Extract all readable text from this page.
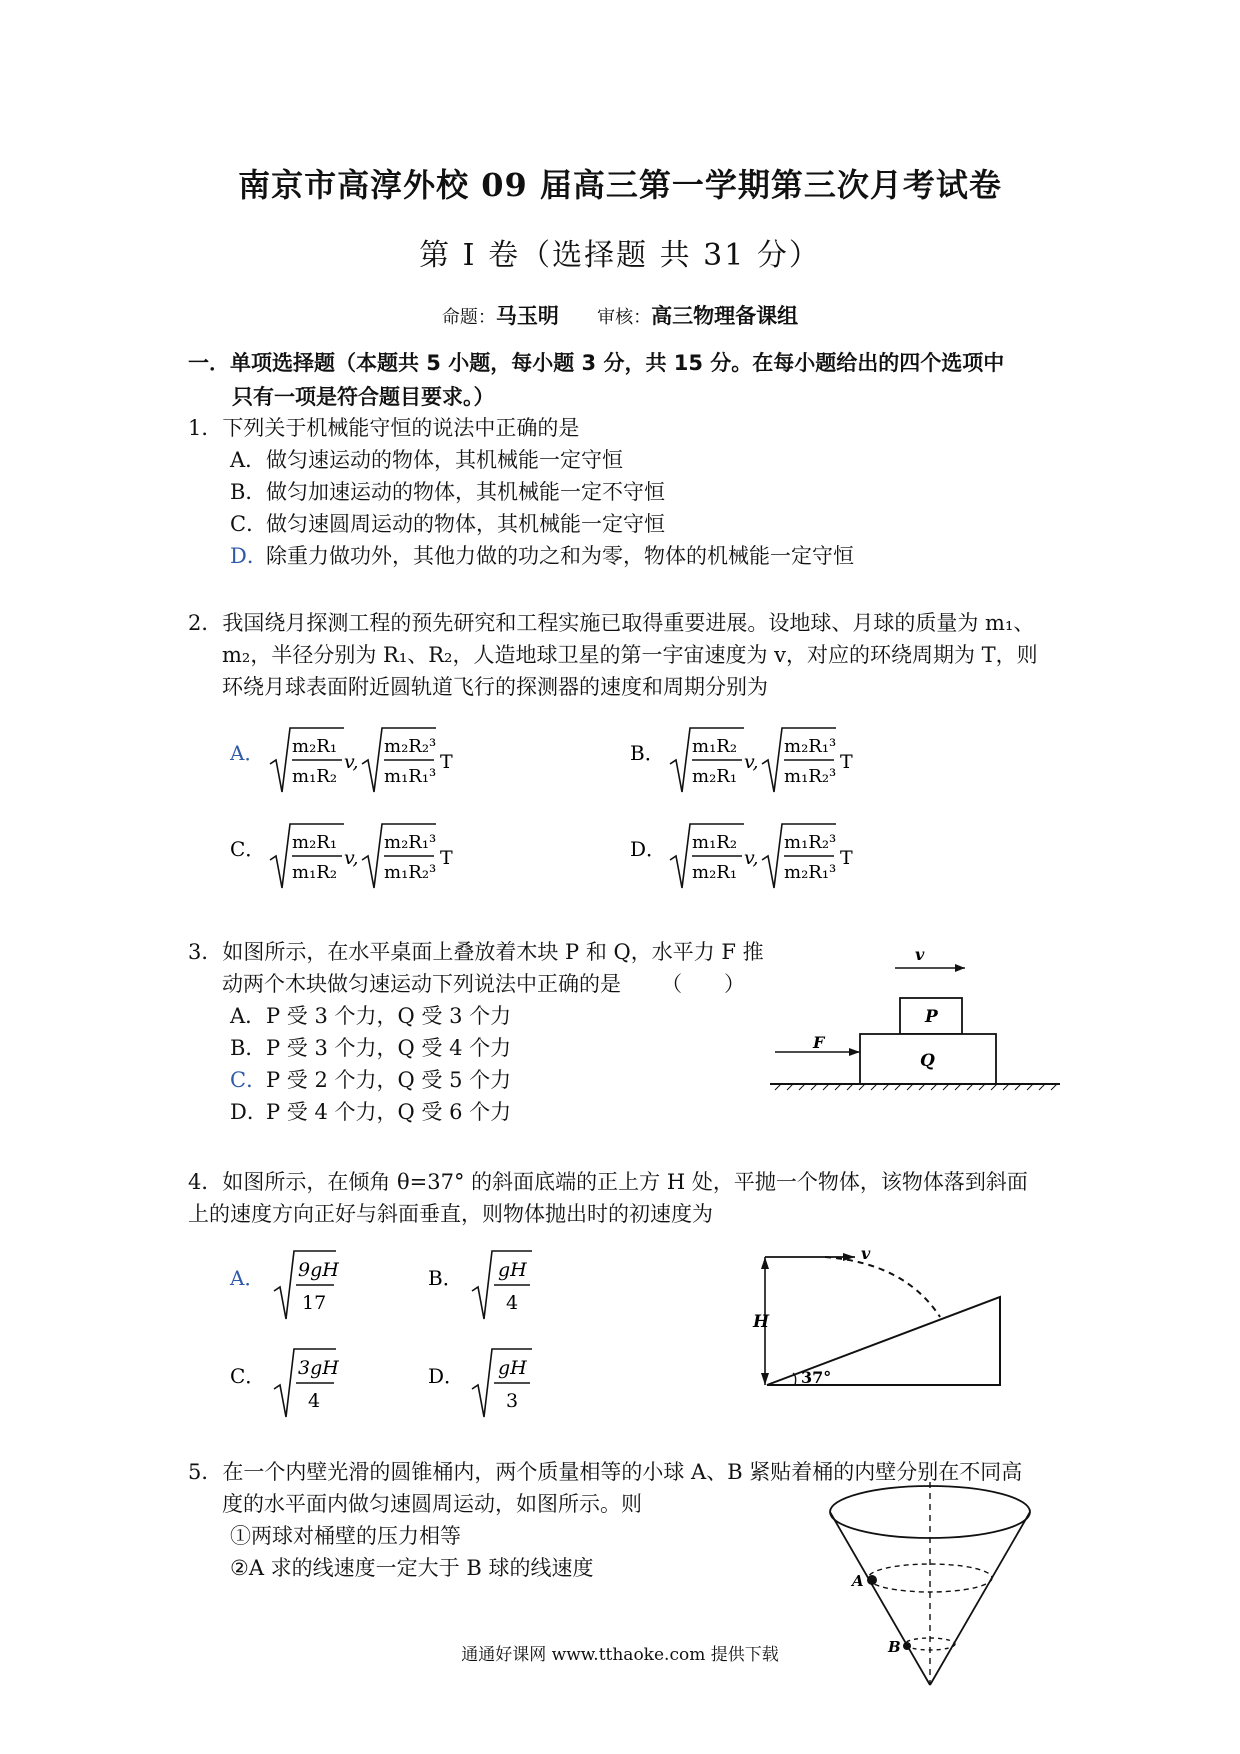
南京市高淳外校 09 届高三第一学期第三次月考试卷
第 I 卷（选择题 共 31 分）
命题：马玉明 审核：高三物理备课组
一．单项选择题（本题共 5 小题，每小题 3 分，共 15 分。在每小题给出的四个选项中
只有一项是符合题目要求。）
1．下列关于机械能守恒的说法中正确的是
A．做匀速运动的物体，其机械能一定守恒
B．做匀加速运动的物体，其机械能一定不守恒
C．做匀速圆周运动的物体，其机械能一定守恒
D．除重力做功外，其他力做的功之和为零，物体的机械能一定守恒
2．我国绕月探测工程的预先研究和工程实施已取得重要进展。设地球、月球的质量为 m₁、
m₂，半径分别为 R₁、R₂，人造地球卫星的第一宇宙速度为 v，对应的环绕周期为 T，则
环绕月球表面附近圆轨道飞行的探测器的速度和周期分别为
A． m₂R₁
m₁R₂
v,
m₂R₂³
m₁R₁³
T	B． m₁R₂
m₂R₁
v,
m₂R₁³
m₁R₂³
T
C． m₂R₁
m₁R₂
v,
m₂R₁³
m₁R₂³
T	D． m₁R₂
m₂R₁
v,
m₁R₂³
m₂R₁³
T
3．如图所示，在水平桌面上叠放着木块 P 和 Q，水平力 F 推
动两个木块做匀速运动下列说法中正确的是 （　　）
A．P 受 3 个力，Q 受 3 个力
B．P 受 3 个力，Q 受 4 个力
C．P 受 2 个力，Q 受 5 个力
D．P 受 4 个力，Q 受 6 个力
v
P
Q
F
4．如图所示，在倾角 θ=37° 的斜面底端的正上方 H 处，平抛一个物体，该物体落到斜面
上的速度方向正好与斜面垂直，则物体抛出时的初速度为
A． 9gH
17
B． gH
4
C． 3gH
4
D． gH
3
v
H
37°
5．在一个内壁光滑的圆锥桶内，两个质量相等的小球 A、B 紧贴着桶的内壁分别在不同高
度的水平面内做匀速圆周运动，如图所示。则
①两球对桶壁的压力相等
②A 求的线速度一定大于 B 球的线速度
A
B
通通好课网 www.tthaoke.com 提供下载
